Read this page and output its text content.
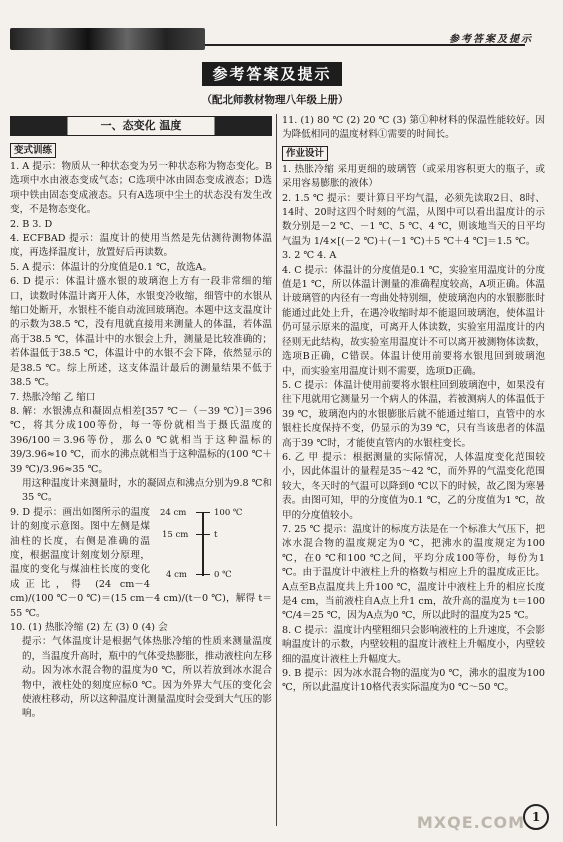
参考答案及提示
参考答案及提示
（配北师教材物理八年级上册）
一、态变化 温度
变式训练

1. A 提示：物质从一种状态变为另一种状态称为物态变化。B选项中水由液态变成气态；C选项中冰由固态变成液态；D选项中铁由固态变成液态。只有A选项中尘土的状态没有发生改变，不是物态变化。

2. B 3. D

4. ECFBAD 提示：温度计的使用当然是先估测待测物体温度，再选择温度计，放置好后再读数。

5. A 提示：体温计的分度值是0.1 ℃，故选A。

6. D 提示：体温计盛水银的玻璃泡上方有一段非常细的缩口，读数时体温计离开人体，水银变冷收缩，细管中的水银从缩口处断开，水银柱不能自动流回玻璃泡。本题中这支温度计的示数为38.5 ℃，没有甩就直接用来测量人的体温，若体温高于38.5 ℃，体温计中的水银会上升，测量是比较准确的；若体温低于38.5 ℃，体温计中的水银不会下降，依然显示的是38.5 ℃。综上所述，这支体温计最后的测量结果不低于38.5 ℃。

7. 热胀冷缩 乙 缩口

8. 解：水银沸点和凝固点相差[357 ℃－（－39 ℃）]＝396 ℃，将其分成100等份，每一等份就相当于摄氏温度的396/100＝3.96等份，那么0 ℃就相当于这种温标的39/3.96≈10 ℃，而水的沸点就相当于这种温标的(100 ℃＋39 ℃)/3.96≈35 ℃。

用这种温度计来测量时，水的凝固点和沸点分别为9.8 ℃和35 ℃。

24 cm
15 cm
4 cm
100 ℃
t
0 ℃

9. D 提示：画出如图所示的温度计的刻度示意图。图中左侧是煤油柱的长度，右侧是准确的温度，根据温度计刻度划分原理，温度的变化与煤油柱长度的变化成正比，得 (24 cm－4 cm)/(100 ℃－0 ℃)＝(15 cm－4 cm)/(t－0 ℃)，解得 t＝55 ℃。

10. (1) 热胀冷缩 (2) 左 (3) 0 (4) 会

提示：气体温度计是根据气体热胀冷缩的性质来测量温度的，当温度升高时，瓶中的气体受热膨胀，推动液柱向左移动。因为冰水混合物的温度为0 ℃，所以若放到冰水混合物中，液柱处的刻度应标0 ℃。因为外界大气压的变化会使液柱移动，所以这种温度计测量温度时会受到大气压的影响。

11. (1) 80 ℃ (2) 20 ℃ (3) 第①种材料的保温性能较好。因为降低相同的温度材料①需要的时间长。

作业设计

1. 热胀冷缩 采用更细的玻璃管（或采用容积更大的瓶子，或采用容易膨胀的液体）

2. 1.5 ℃ 提示：要计算日平均气温，必须先读取2日、8时、14时、20时这四个时刻的气温，从图中可以看出温度计的示数分别是－2 ℃、－1 ℃、5 ℃、4 ℃，则该地当天的日平均气温为 1/4×[(－2 ℃)＋(－1 ℃)＋5 ℃＋4 ℃]＝1.5 ℃。

3. 2 ℃ 4. A

4. C 提示：体温计的分度值是0.1 ℃，实验室用温度计的分度值是1 ℃，所以体温计测量的准确程度较高，A项正确。体温计玻璃管的内径有一弯曲处特别细，使玻璃泡内的水银膨胀时能通过此处上升，在遇冷收缩时却不能退回玻璃泡，使体温计仍可显示原来的温度，可离开人体读数，实验室用温度计的内径则无此结构，故实验室用温度计不可以离开被测物体读数，选项B正确，C错误。体温计使用前要将水银甩回到玻璃泡中，而实验室用温度计则不需要，选项D正确。

5. C 提示：体温计使用前要将水银柱回到玻璃泡中，如果没有往下甩就用它测量另一个病人的体温，若被测病人的体温低于39 ℃，玻璃泡内的水银膨胀后就不能通过缩口，直管中的水银柱长度保持不变，仍显示的为39 ℃，只有当该患者的体温高于39 ℃时，才能使直管内的水银柱变长。

6. 乙 甲 提示：根据测量的实际情况，人体温度变化范围较小，因此体温计的量程是35～42 ℃，而外界的气温变化范围较大，冬天时的气温可以降到0 ℃以下的时候，故乙图为寒暑表。由图可知，甲的分度值为0.1 ℃，乙的分度值为1 ℃，故甲的分度值较小。

7. 25 ℃ 提示：温度计的标度方法是在一个标准大气压下，把冰水混合物的温度规定为0 ℃，把沸水的温度规定为100 ℃，在0 ℃和100 ℃之间，平均分成100等份，每份为1 ℃。由于温度计中液柱上升的格数与相应上升的温度成正比。A点至B点温度共上升100 ℃，温度计中液柱上升的相应长度是4 cm，当前液柱自A点上升1 cm，故升高的温度为 t＝100 ℃/4＝25 ℃，因为A点为0 ℃，所以此时的温度为25 ℃。

8. C 提示：温度计内壁粗细只会影响液柱的上升速度，不会影响温度计的示数，内壁较粗的温度计液柱上升幅度小，内壁较细的温度计液柱上升幅度大。

9. B 提示：因为冰水混合物的温度为0 ℃，沸水的温度为100 ℃，所以此温度计10格代表实际温度为0 ℃～50 ℃。

MXQE.COM 1
